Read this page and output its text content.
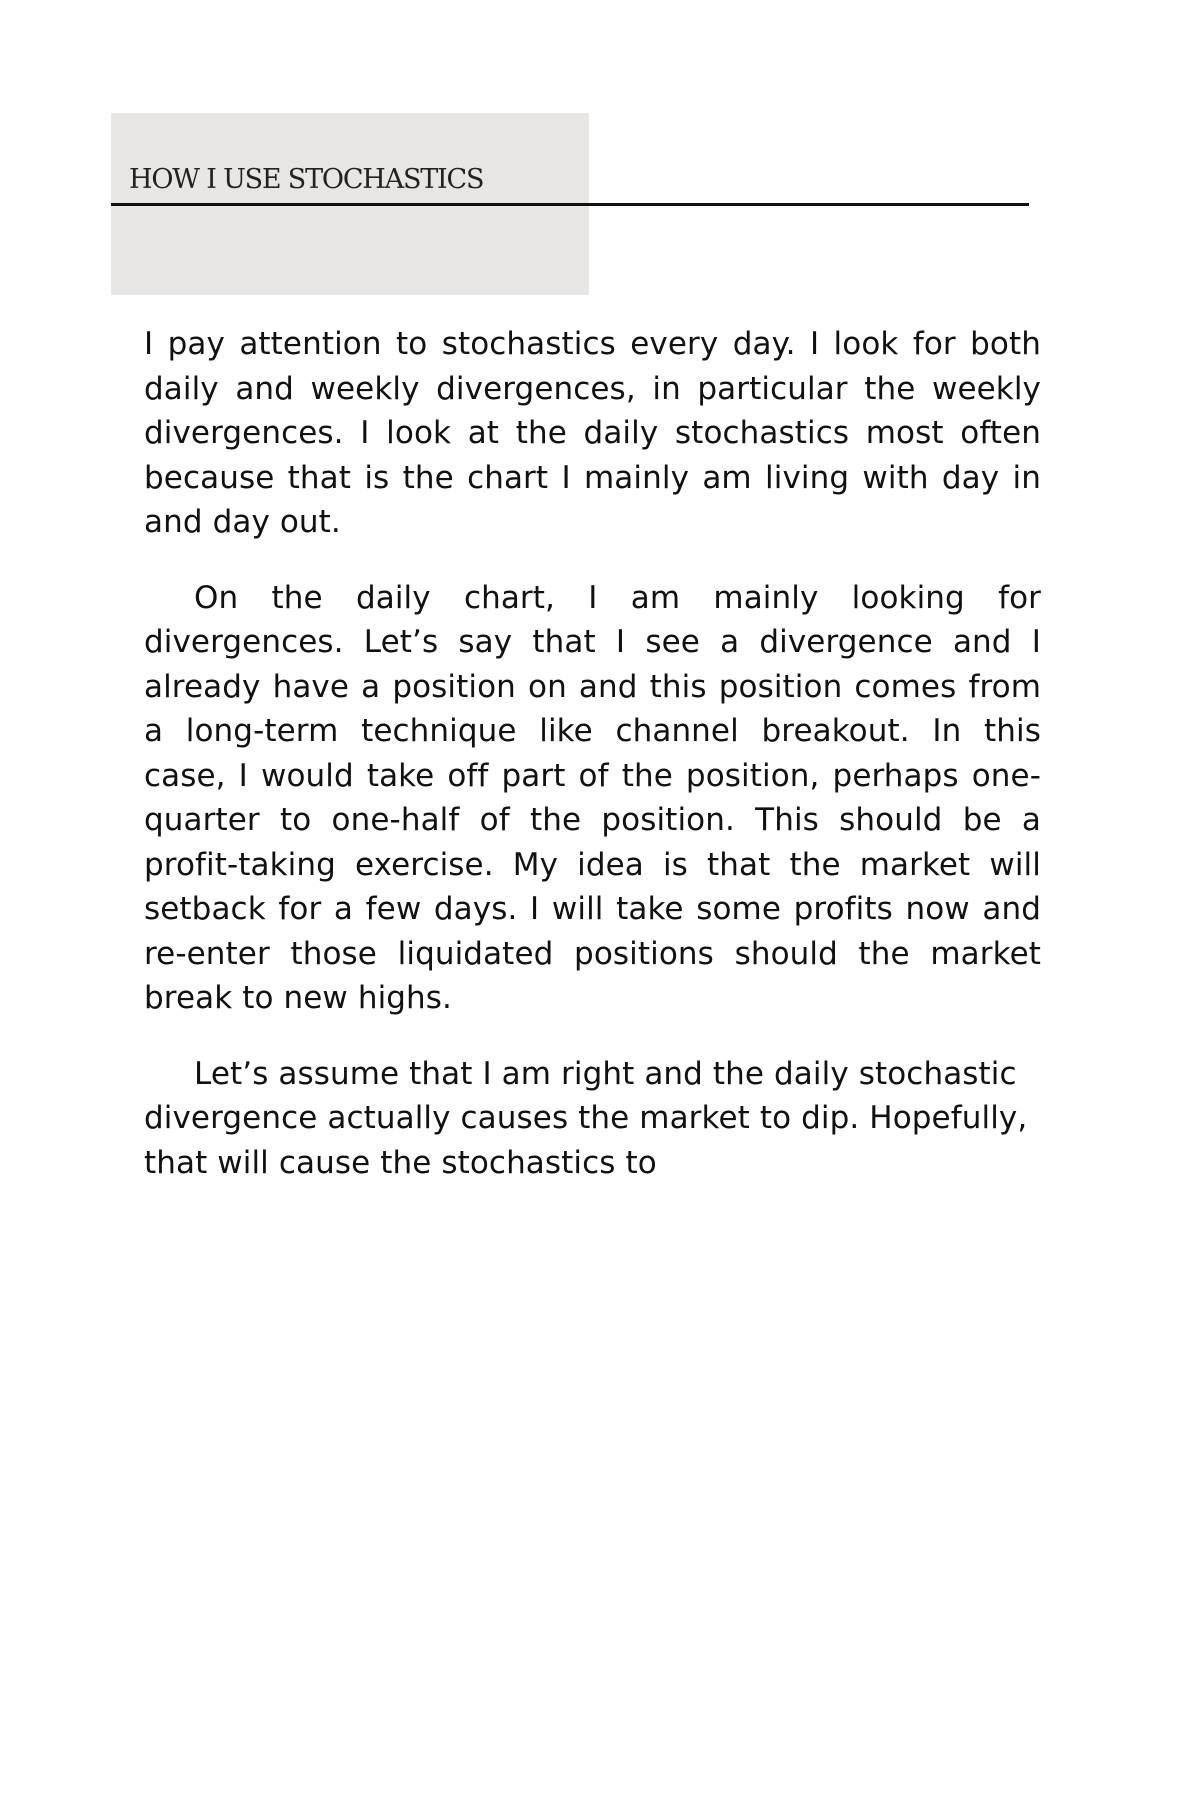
HOW I USE STOCHASTICS

I pay attention to stochastics every day. I look for both daily and weekly divergences, in particular the weekly divergences. I look at the daily stochastics most often because that is the chart I mainly am living with day in and day out.

On the daily chart, I am mainly looking for divergences. Let’s say that I see a divergence and I already have a position on and this position comes from a long-term technique like channel breakout. In this case, I would take off part of the position, perhaps one-quarter to one-half of the position. This should be a profit-taking exercise. My idea is that the market will setback for a few days. I will take some profits now and re-enter those liquidated positions should the market break to new highs.

Let’s assume that I am right and the daily stochastic divergence actually causes the market to dip. Hopefully, that will cause the stochastics to
